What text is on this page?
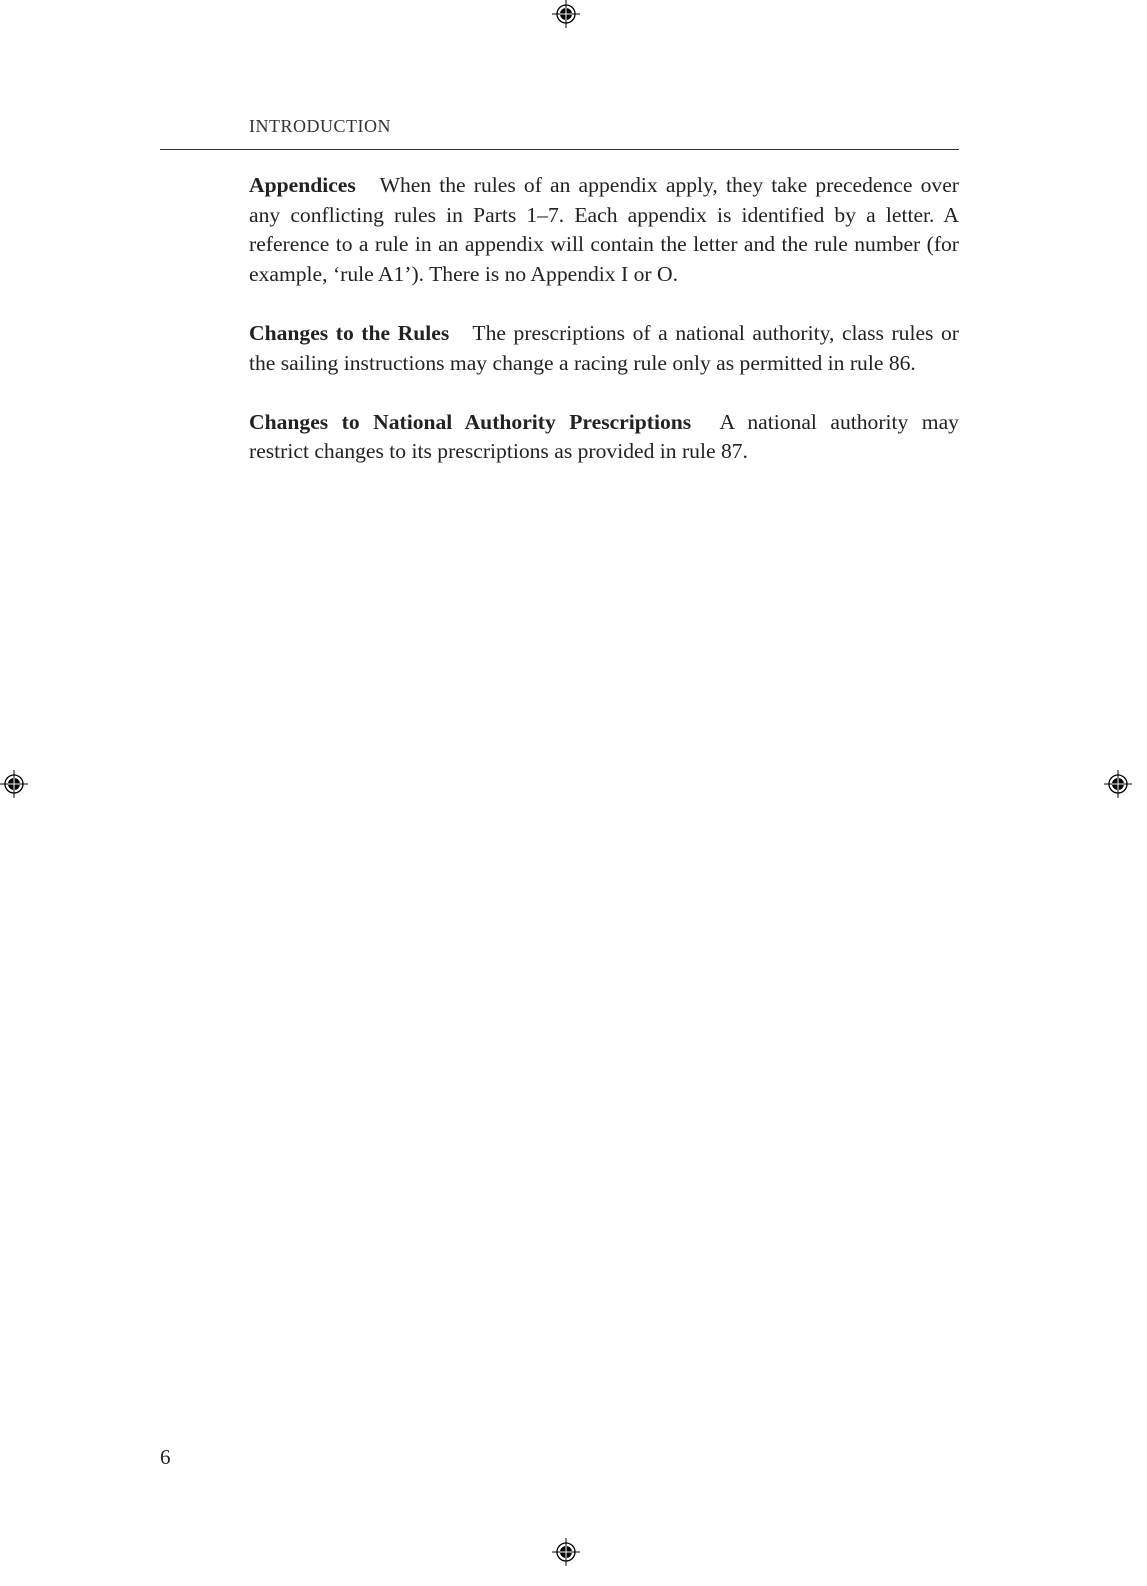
INTRODUCTION

Appendices When the rules of an appendix apply, they take precedence over any conflicting rules in Parts 1–7. Each appendix is identified by a letter. A reference to a rule in an appendix will contain the letter and the rule number (for example, ‘rule A1’). There is no Appendix I or O.

Changes to the Rules The prescriptions of a national authority, class rules or the sailing instructions may change a racing rule only as permitted in rule 86.

Changes to National Authority Prescriptions A national authority may restrict changes to its prescriptions as provided in rule 87.

6
